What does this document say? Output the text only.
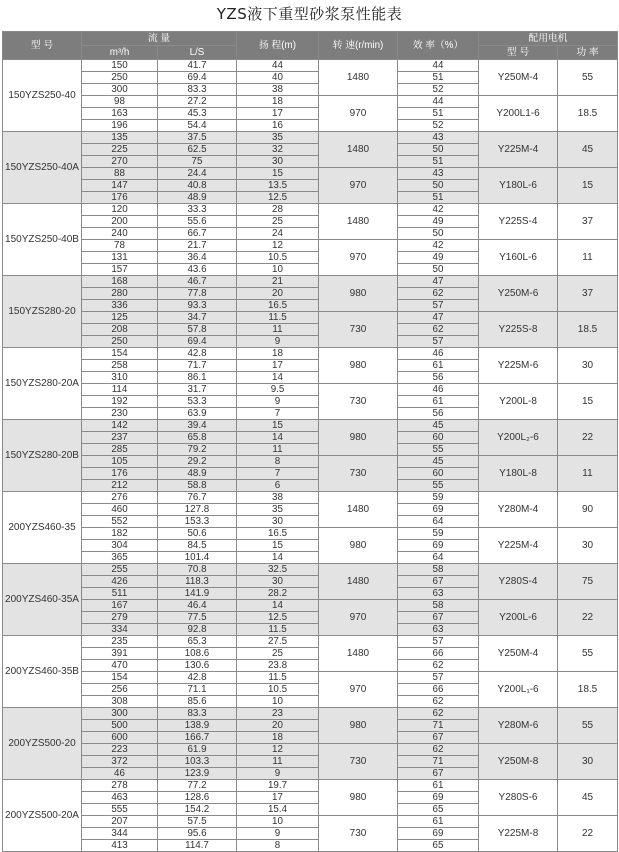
YZS液下重型砂浆泵性能表
型 号	流 量		扬 程(m)	转 速(r/min)	效 率（%）	配用电机	
	m³/h	L/S				型 号	功 率
150YZS250-40	150	41.7	44	1480	44	Y250M-4	55
	250	69.4	40		51		
	300	83.3	38		52		
	98	27.2	18	970	44	Y200L1-6	18.5
	163	45.3	17		51		
	196	54.4	16		52		
150YZS250-40A	135	37.5	35	1480	43	Y225M-4	45
	225	62.5	32		50		
	270	75	30		51		
	88	24.4	15	970	43	Y180L-6	15
	147	40.8	13.5		50		
	176	48.9	12.5		51		
150YZS250-40B	120	33.3	28	1480	42	Y225S-4	37
	200	55.6	25		49		
	240	66.7	24		50		
	78	21.7	12	970	42	Y160L-6	11
	131	36.4	10.5		49		
	157	43.6	10		50		
150YZS280-20	168	46.7	21	980	47	Y250M-6	37
	280	77.8	20		62		
	336	93.3	16.5		57		
	125	34.7	11.5	730	47	Y225S-8	18.5
	208	57.8	11		62		
	250	69.4	9		57		
150YZS280-20A	154	42.8	18	980	46	Y225M-6	30
	258	71.7	17		61		
	310	86.1	14		56		
	114	31.7	9.5	730	46	Y200L-8	15
	192	53.3	9		61		
	230	63.9	7		56		
150YZS280-20B	142	39.4	15	980	45	Y200L₂-6	22
	237	65.8	14		60		
	285	79.2	11		55		
	105	29.2	8	730	45	Y180L-8	11
	176	48.9	7		60		
	212	58.8	6		55		
200YZS460-35	276	76.7	38	1480	59	Y280M-4	90
	460	127.8	35		69		
	552	153.3	30		64		
	182	50.6	16.5	980	59	Y225M-4	30
	304	84.5	15		69		
	365	101.4	14		64		
200YZS460-35A	255	70.8	32.5	1480	58	Y280S-4	75
	426	118.3	30		67		
	511	141.9	28.2		63		
	167	46.4	14	970	58	Y200L-6	22
	279	77.5	12.5		67		
	334	92.8	11.5		63		
200YZS460-35B	235	65.3	27.5	1480	57	Y250M-4	55
	391	108.6	25		66		
	470	130.6	23.8		62		
	154	42.8	11.5	970	57	Y200L₁-6	18.5
	256	71.1	10.5		66		
	308	85.6	10		62		
200YZS500-20	300	83.3	23	980	62	Y280M-6	55
	500	138.9	20		71		
	600	166.7	18		67		
	223	61.9	12	730	62	Y250M-8	30
	372	103.3	11		71		
	46	123.9	9		67		
200YZS500-20A	278	77.2	19.7	980	61	Y280S-6	45
	463	128.6	17		69		
	555	154.2	15.4		65		
	207	57.5	10	730	61	Y225M-8	22
	344	95.6	9		69		
	413	114.7	8		65		
